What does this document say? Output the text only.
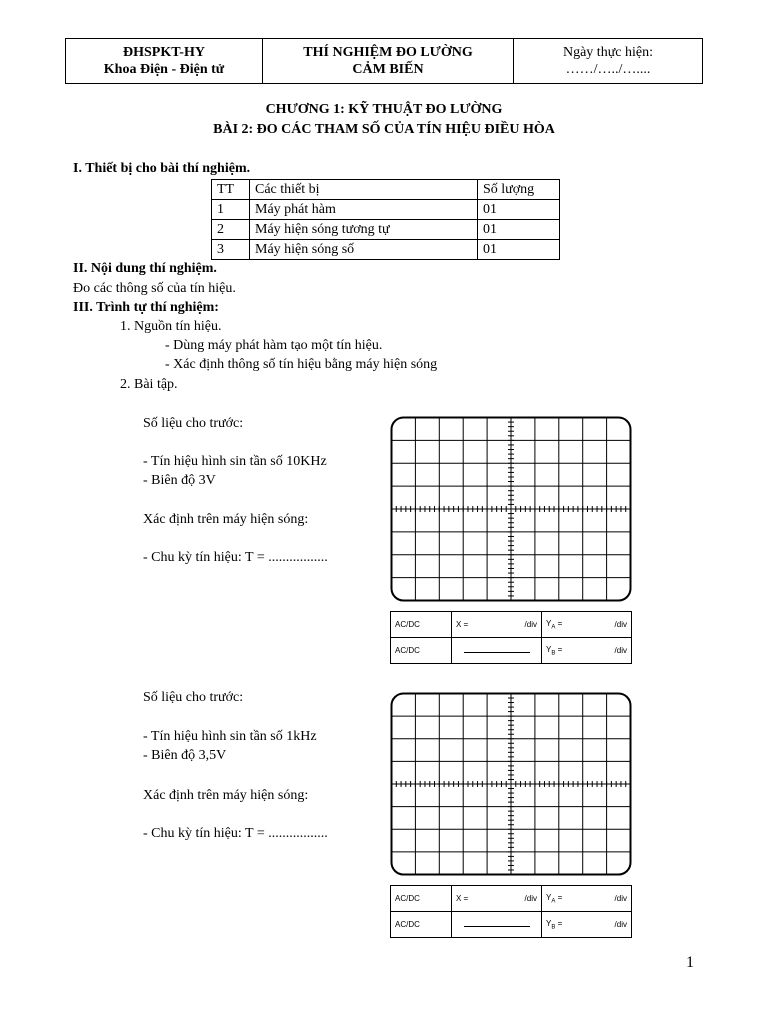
ĐHSPKT-HY
Khoa Điện - Điện tử
THÍ NGHIỆM ĐO LƯỜNG
CẢM BIẾN
Ngày thực hiện:
……/…../…....
CHƯƠNG 1: KỸ THUẬT ĐO LƯỜNG
BÀI 2: ĐO CÁC THAM SỐ CỦA TÍN HIỆU ĐIỀU HÒA
I. Thiết bị cho bài thí nghiệm.
TT	Các thiết bị	Số lượng
1	Máy phát hàm	01
2	Máy hiện sóng tương tự	01
3	Máy hiện sóng số	01
II. Nội dung thí nghiệm.
Đo các thông số của tín hiệu.
III. Trình tự thí nghiệm:
1. Nguồn tín hiệu.
- Dùng máy phát hàm tạo một tín hiệu.
- Xác định thông số tín hiệu bằng máy hiện sóng
2. Bài tập.
Số liệu cho trước:
- Tín hiệu hình sin tần số 10KHz
- Biên độ 3V
Xác định trên máy hiện sóng:
- Chu kỳ tín hiệu: T = .................
AC/DC	X = /div	$Y_A = /div$

AC/DC		$Y_B = /div$
Số liệu cho trước:
- Tín hiệu hình sin tần số 1kHz
- Biên độ 3,5V
Xác định trên máy hiện sóng:
- Chu kỳ tín hiệu: T = .................
AC/DC	X = /div	$Y_A = /div$

AC/DC		$Y_B = /div$
1
